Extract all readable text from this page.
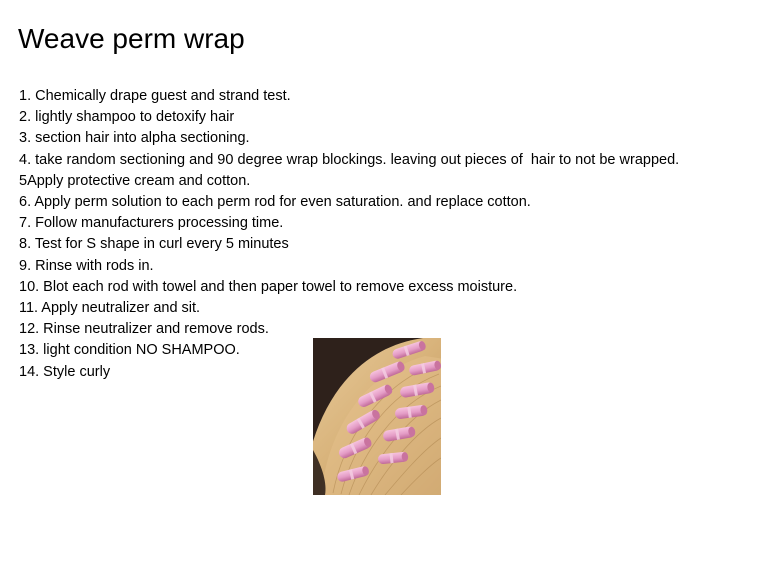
Weave perm wrap
1. Chemically drape guest and strand test.
2. lightly shampoo to detoxify hair
3. section hair into alpha sectioning.
4. take random sectioning and 90 degree wrap blockings. leaving out pieces of  hair to not be wrapped.
5Apply protective cream and cotton.
6. Apply perm solution to each perm rod for even saturation. and replace cotton.
7. Follow manufacturers processing time.
8. Test for S shape in curl every 5 minutes
9. Rinse with rods in.
10. Blot each rod with towel and then paper towel to remove excess moisture.
11. Apply neutralizer and sit.
12. Rinse neutralizer and remove rods.
13. light condition NO SHAMPOO.
14. Style curly
